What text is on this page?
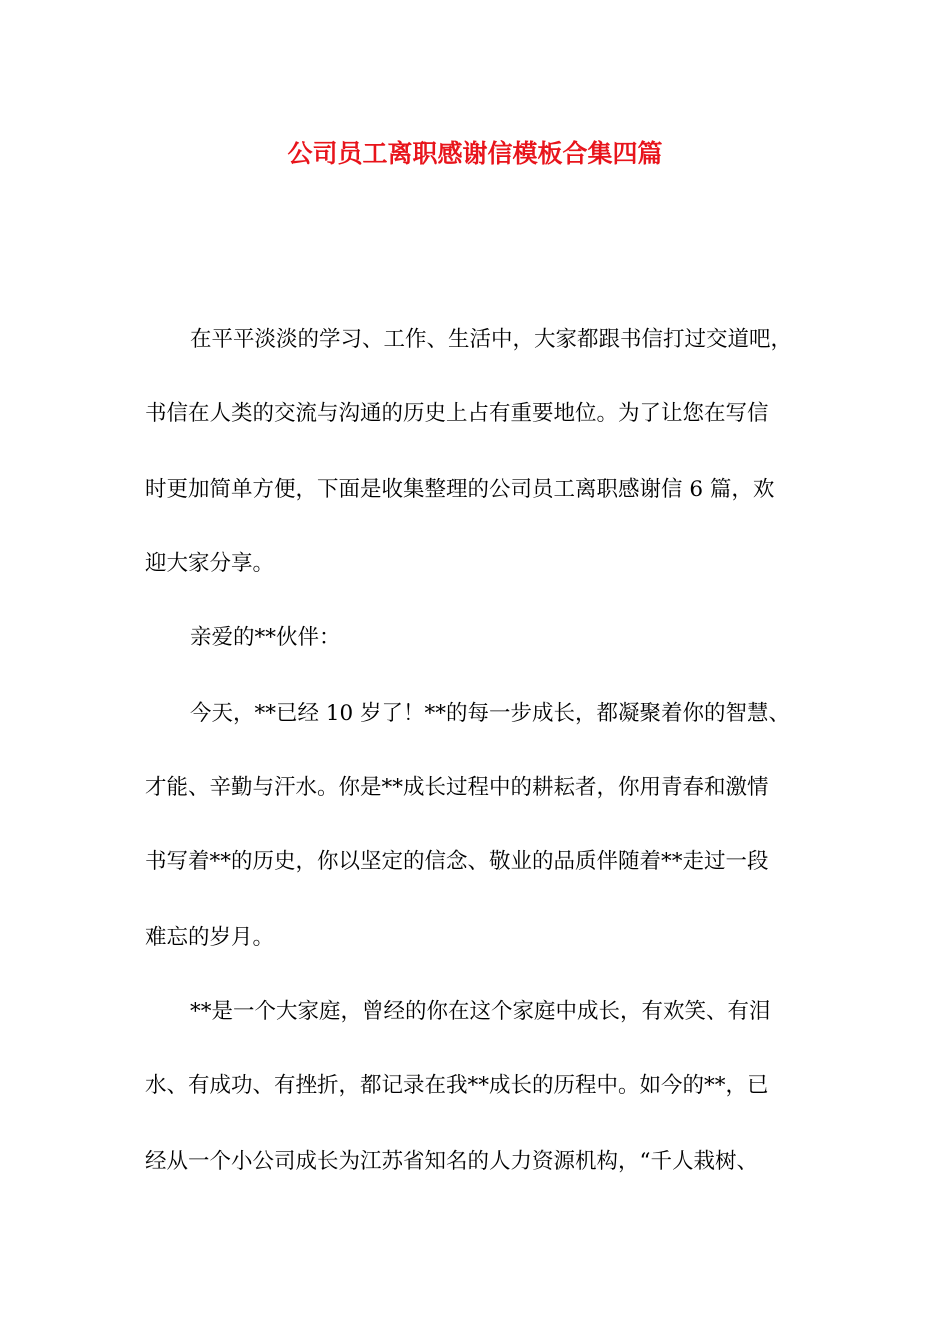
公司员工离职感谢信模板合集四篇
在平平淡淡的学习、工作、生活中，大家都跟书信打过交道吧，
书信在人类的交流与沟通的历史上占有重要地位。为了让您在写信
时更加简单方便，下面是收集整理的公司员工离职感谢信 6 篇，欢
迎大家分享。
亲爱的**伙伴：
今天，**已经 10 岁了！**的每一步成长，都凝聚着你的智慧、
才能、辛勤与汗水。你是**成长过程中的耕耘者，你用青春和激情
书写着**的历史，你以坚定的信念、敬业的品质伴随着**走过一段
难忘的岁月。
**是一个大家庭，曾经的你在这个家庭中成长，有欢笑、有泪
水、有成功、有挫折，都记录在我**成长的历程中。如今的**，已
经从一个小公司成长为江苏省知名的人力资源机构，“千人栽树、
